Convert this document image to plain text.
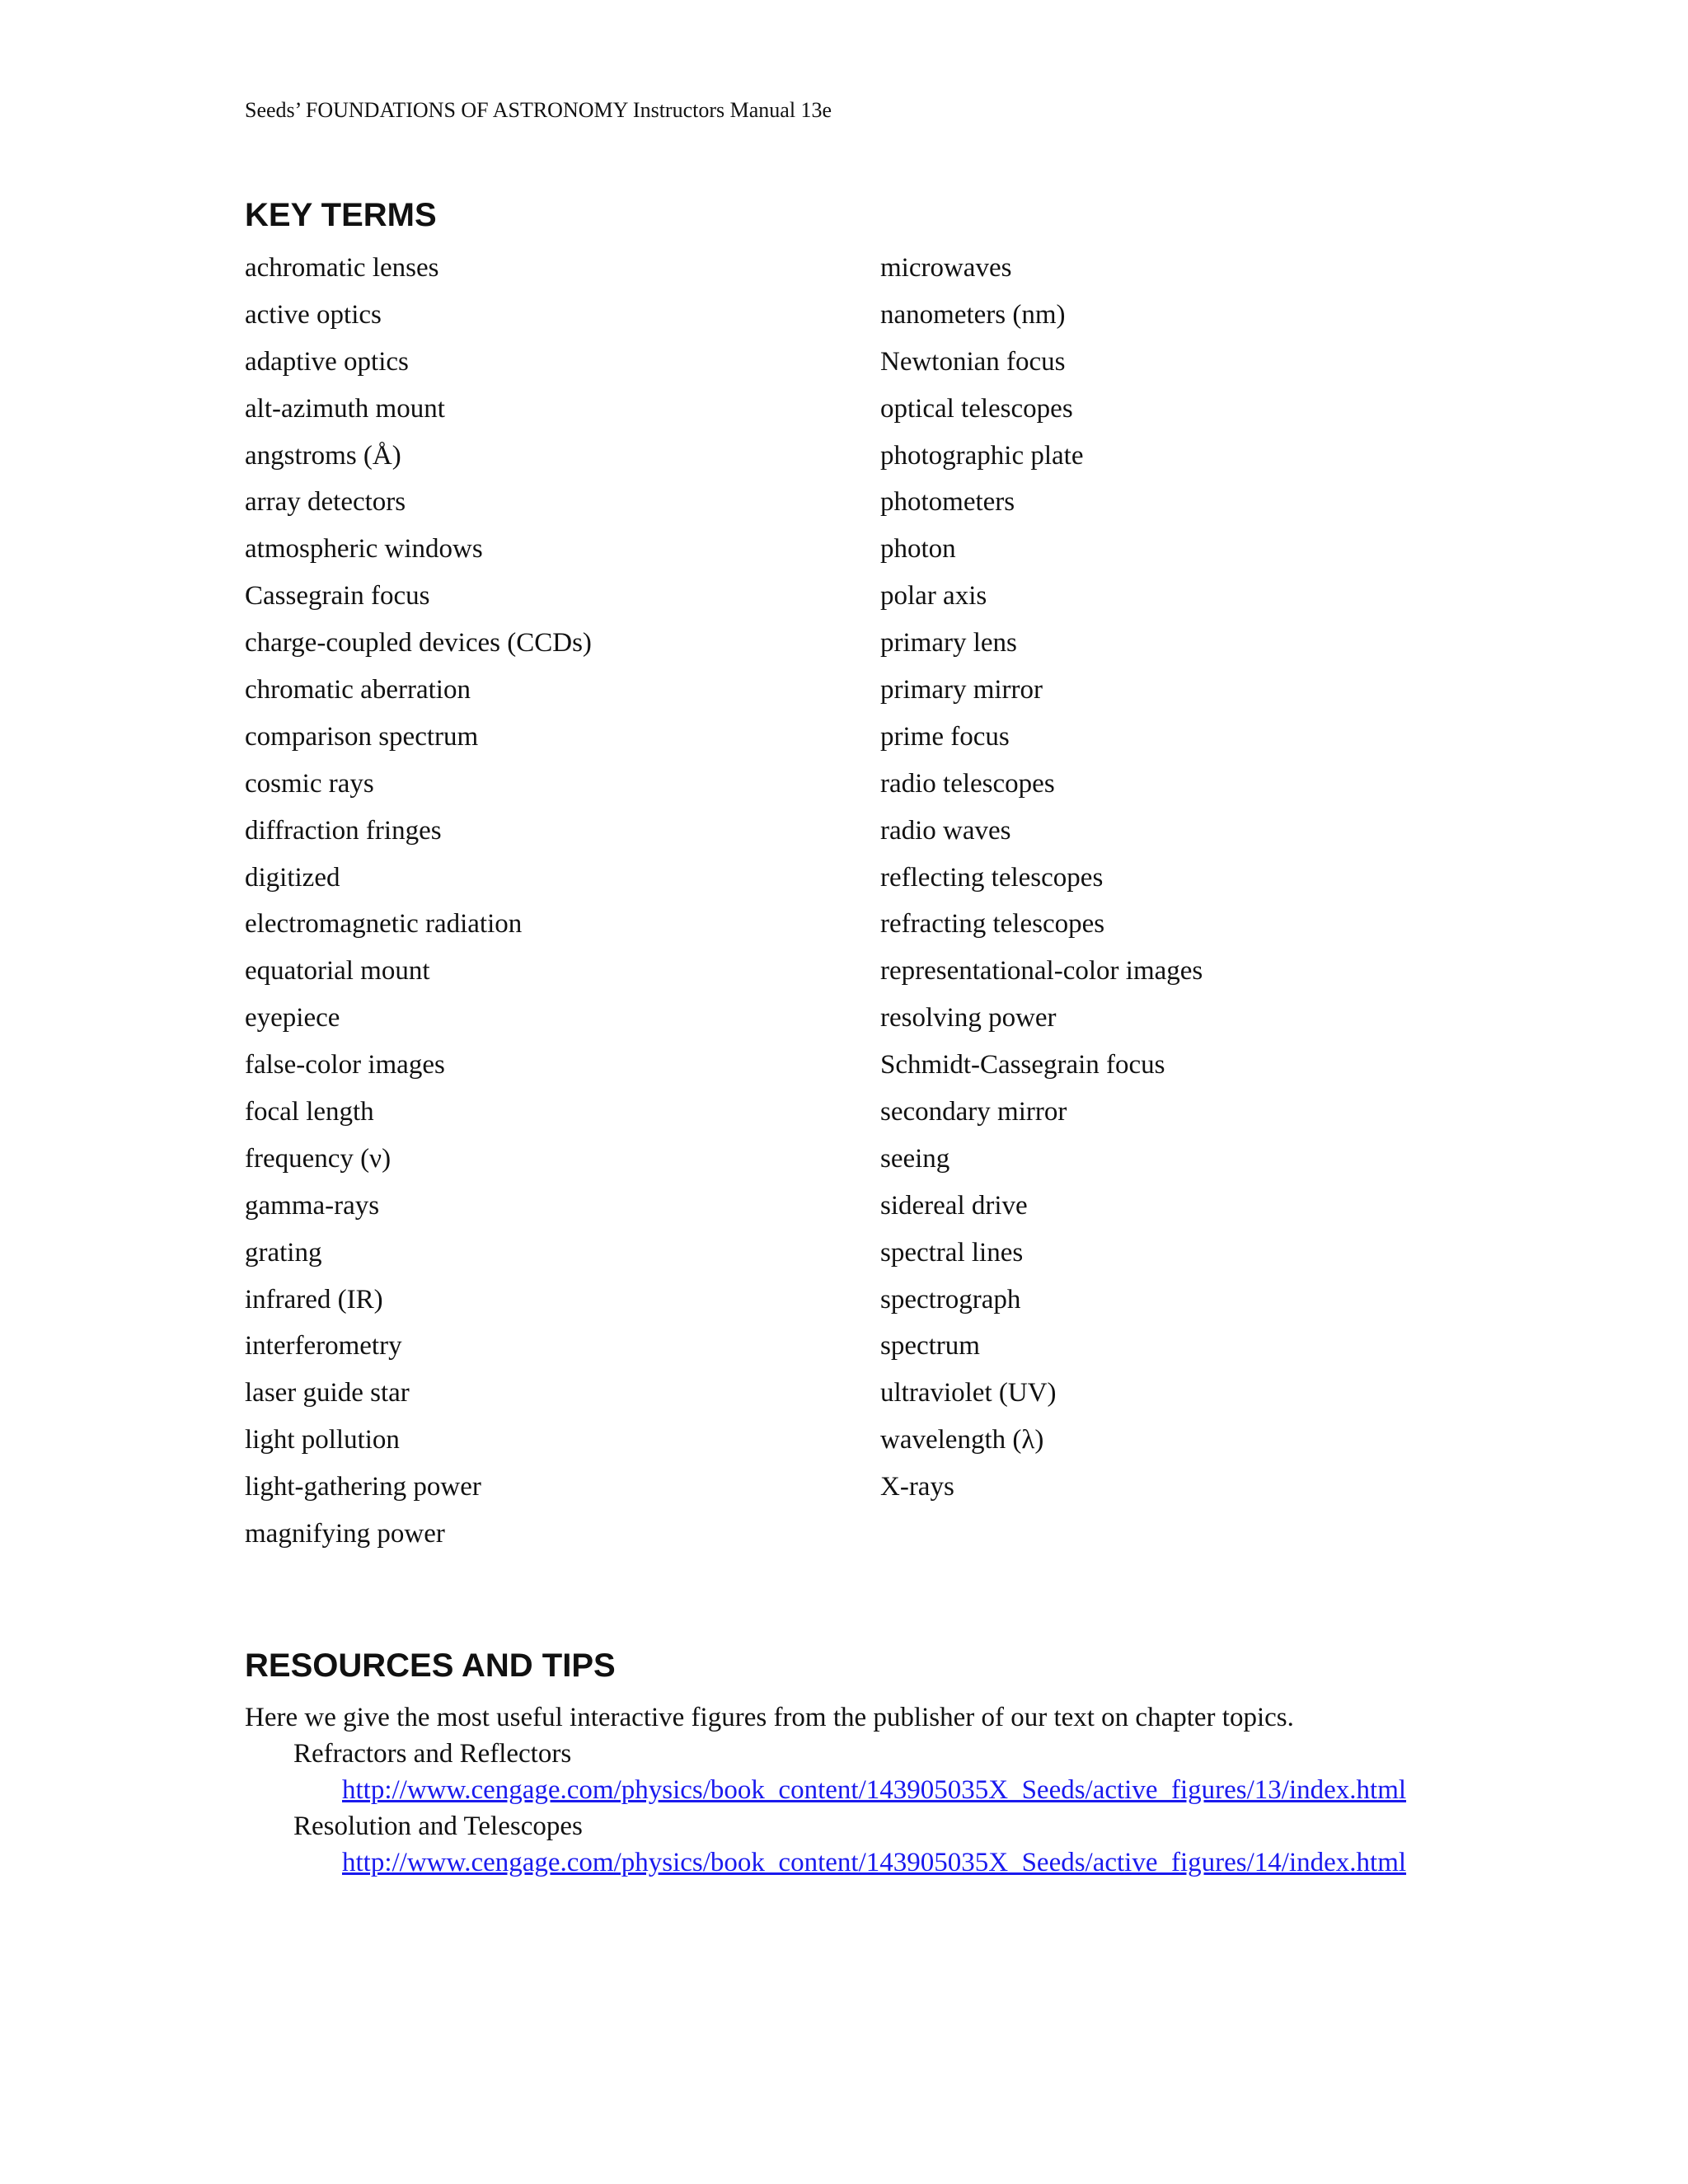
Seeds’ FOUNDATIONS OF ASTRONOMY Instructors Manual 13e
KEY TERMS
achromatic lenses
active optics
adaptive optics
alt-azimuth mount
angstroms (Å)
array detectors
atmospheric windows
Cassegrain focus
charge-coupled devices (CCDs)
chromatic aberration
comparison spectrum
cosmic rays
diffraction fringes
digitized
electromagnetic radiation
equatorial mount
eyepiece
false-color images
focal length
frequency (ν)
gamma-rays
grating
infrared (IR)
interferometry
laser guide star
light pollution
light-gathering power
magnifying power
microwaves
nanometers (nm)
Newtonian focus
optical telescopes
photographic plate
photometers
photon
polar axis
primary lens
primary mirror
prime focus
radio telescopes
radio waves
reflecting telescopes
refracting telescopes
representational-color images
resolving power
Schmidt-Cassegrain focus
secondary mirror
seeing
sidereal drive
spectral lines
spectrograph
spectrum
ultraviolet (UV)
wavelength (λ)
X-rays
RESOURCES AND TIPS

Here we give the most useful interactive figures from the publisher of our text on chapter topics.

Refractors and Reflectors
http://www.cengage.com/physics/book_content/143905035X_Seeds/active_figures/13/index.html
Resolution and Telescopes
http://www.cengage.com/physics/book_content/143905035X_Seeds/active_figures/14/index.html
